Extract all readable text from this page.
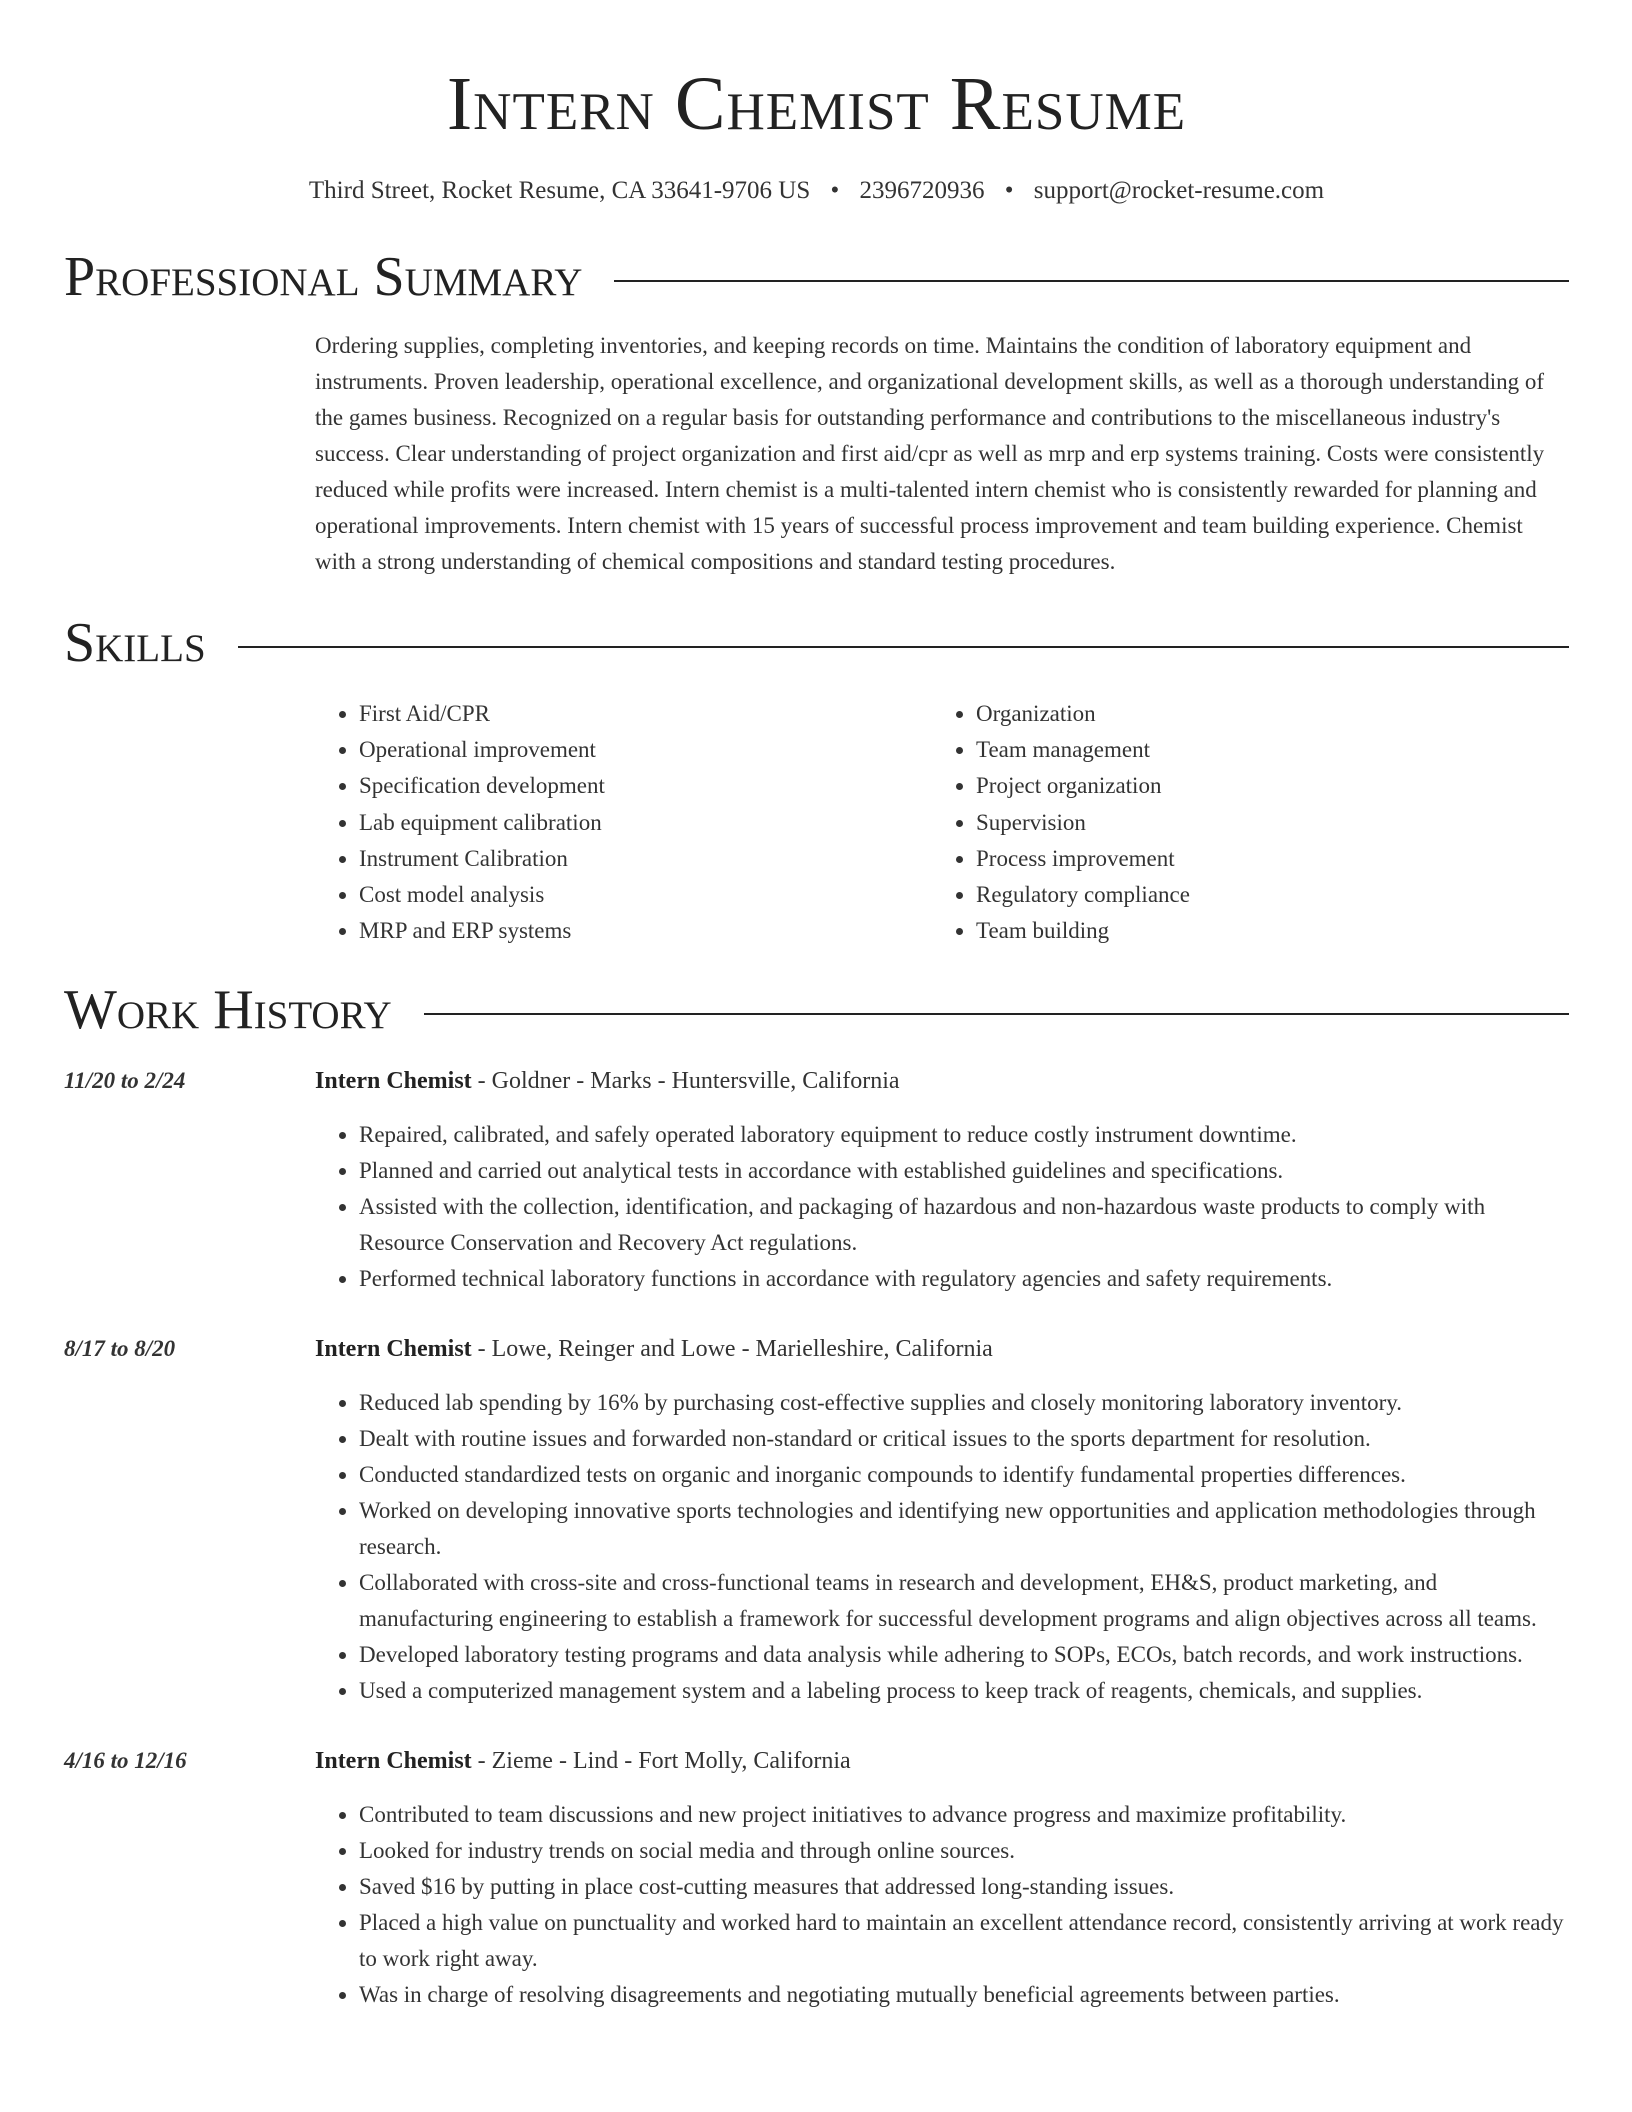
Intern Chemist Resume
Third Street, Rocket Resume, CA 33641-9706 US • 2396720936 • support@rocket-resume.com
Professional Summary

Ordering supplies, completing inventories, and keeping records on time. Maintains the condition of laboratory equipment and instruments. Proven leadership, operational excellence, and organizational development skills, as well as a thorough understanding of the games business. Recognized on a regular basis for outstanding performance and contributions to the miscellaneous industry's success. Clear understanding of project organization and first aid/cpr as well as mrp and erp systems training. Costs were consistently reduced while profits were increased. Intern chemist is a multi-talented intern chemist who is consistently rewarded for planning and operational improvements. Intern chemist with 15 years of successful process improvement and team building experience. Chemist with a strong understanding of chemical compositions and standard testing procedures.

Skills
• First Aid/CPR
• Operational improvement
• Specification development
• Lab equipment calibration
• Instrument Calibration
• Cost model analysis
• MRP and ERP systems
• Organization
• Team management
• Project organization
• Supervision
• Process improvement
• Regulatory compliance
• Team building
Work History
11/20 to 2/24	Intern Chemist - Goldner - Marks - Huntersville, California
• Repaired, calibrated, and safely operated laboratory equipment to reduce costly instrument downtime.
• Planned and carried out analytical tests in accordance with established guidelines and specifications.
• Assisted with the collection, identification, and packaging of hazardous and non-hazardous waste products to comply with Resource Conservation and Recovery Act regulations.
• Performed technical laboratory functions in accordance with regulatory agencies and safety requirements.
8/17 to 8/20	Intern Chemist - Lowe, Reinger and Lowe - Marielleshire, California
• Reduced lab spending by 16% by purchasing cost-effective supplies and closely monitoring laboratory inventory.
• Dealt with routine issues and forwarded non-standard or critical issues to the sports department for resolution.
• Conducted standardized tests on organic and inorganic compounds to identify fundamental properties differences.
• Worked on developing innovative sports technologies and identifying new opportunities and application methodologies through research.
• Collaborated with cross-site and cross-functional teams in research and development, EH&S, product marketing, and manufacturing engineering to establish a framework for successful development programs and align objectives across all teams.
• Developed laboratory testing programs and data analysis while adhering to SOPs, ECOs, batch records, and work instructions.
• Used a computerized management system and a labeling process to keep track of reagents, chemicals, and supplies.
4/16 to 12/16	Intern Chemist - Zieme - Lind - Fort Molly, California
• Contributed to team discussions and new project initiatives to advance progress and maximize profitability.
• Looked for industry trends on social media and through online sources.
• Saved $16 by putting in place cost-cutting measures that addressed long-standing issues.
• Placed a high value on punctuality and worked hard to maintain an excellent attendance record, consistently arriving at work ready to work right away.
• Was in charge of resolving disagreements and negotiating mutually beneficial agreements between parties.
